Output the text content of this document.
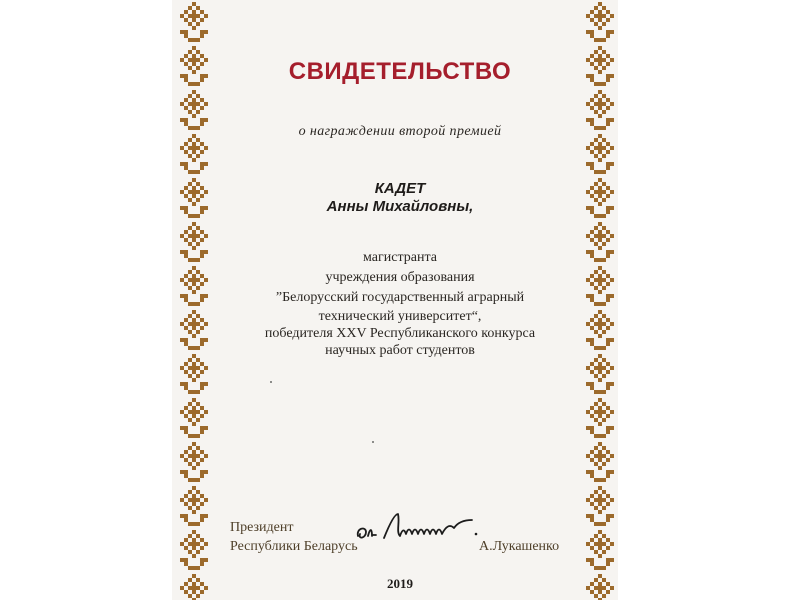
СВИДЕТЕЛЬСТВО
о награждении второй премией
КАДЕТ
Анны Михайловны,
магистранта
учреждения образования
”Белорусский государственный аграрный
технический университет“,
победителя XXV Республиканского конкурса
научных работ студентов
Президент
Республики Беларусь	А.Лукашенко
2019
